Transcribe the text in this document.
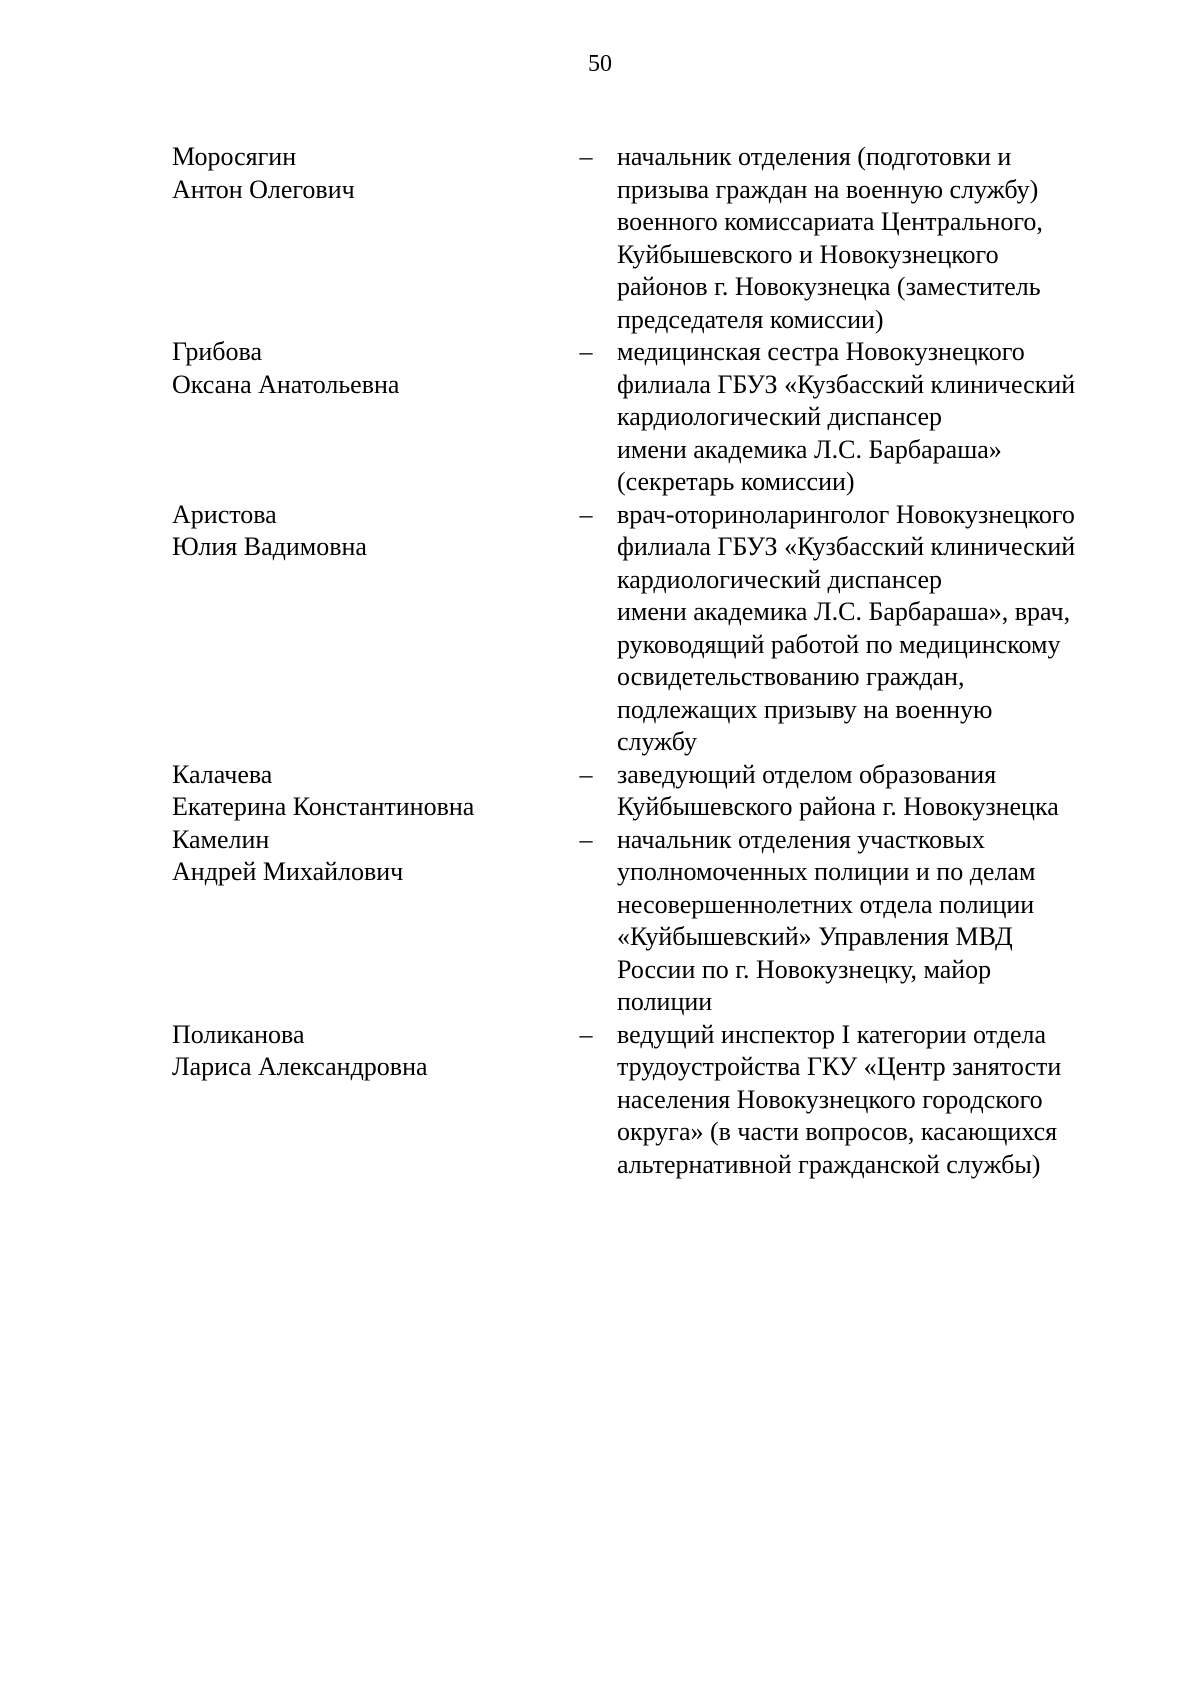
50
Моросягин
Антон Олегович
– начальник отделения (подготовки и
призыва граждан на военную службу)
военного комиссариата Центрального,
Куйбышевского и Новокузнецкого
районов г. Новокузнецка (заместитель
председателя комиссии)
Грибова
Оксана Анатольевна
– медицинская сестра Новокузнецкого
филиала ГБУЗ «Кузбасский клинический
кардиологический диспансер
имени академика Л.С. Барбараша»
(секретарь комиссии)
Аристова
Юлия Вадимовна
– врач-оториноларинголог Новокузнецкого
филиала ГБУЗ «Кузбасский клинический
кардиологический диспансер
имени академика Л.С. Барбараша», врач,
руководящий работой по медицинскому
освидетельствованию граждан,
подлежащих призыву на военную
службу
Калачева
Екатерина Константиновна
– заведующий отделом образования
Куйбышевского района г. Новокузнецка
Камелин
Андрей Михайлович
– начальник отделения участковых
уполномоченных полиции и по делам
несовершеннолетних отдела полиции
«Куйбышевский» Управления МВД
России по г. Новокузнецку, майор
полиции
Поликанова
Лариса Александровна
– ведущий инспектор I категории отдела
трудоустройства ГКУ «Центр занятости
населения Новокузнецкого городского
округа» (в части вопросов, касающихся
альтернативной гражданской службы)
